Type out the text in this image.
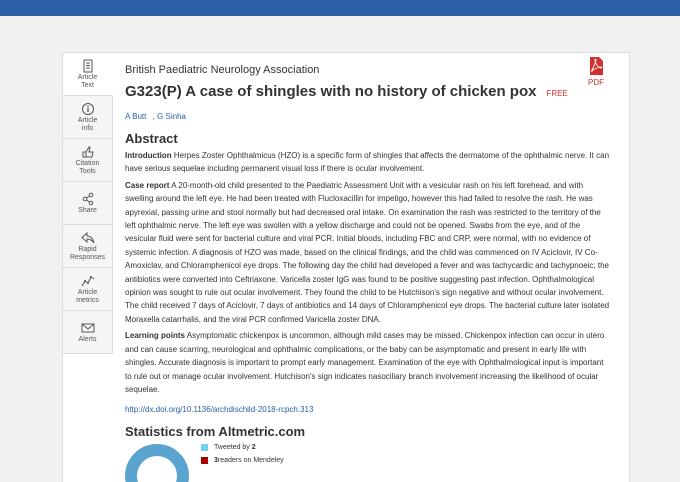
Article
Text
Article
info
Citation
Tools
Share
Rapid
Responses
Article
metrics
Alerts
British Paediatric Neurology Association
G323(P) A case of shingles with no history of chicken pox FREE
A Butt , G Sinha
Abstract

Introduction Herpes Zoster Ophthalmicus (HZO) is a specific form of shingles that affects the dermatome of the ophthalmic nerve. It can have serious sequelae including permanent visual loss if there is ocular involvement.

Case report A 20-month-old child presented to the Paediatric Assessment Unit with a vesicular rash on his left forehead, and with swelling around the left eye. He had been treated with Flucloxacillin for impetigo, however this had failed to resolve the rash. He was apyrexial, passing urine and stool normally but had decreased oral intake. On examination the rash was restricted to the territory of the left ophthalmic nerve. The left eye was swollen with a yellow discharge and could not be opened. Swabs from the eye, and of the vesicular fluid were sent for bacterial culture and viral PCR. Initial bloods, including FBC and CRP, were normal, with no evidence of systemic infection. A diagnosis of HZO was made, based on the clinical findings, and the child was commenced on IV Aciclovir, IV Co-Amoxiclav, and Chloramphenicol eye drops. The following day the child had developed a fever and was tachycardic and tachypnoeic; the antibiotics were converted into Ceftriaxone. Varicella zoster IgG was found to be positive suggesting past infection. Ophthalmological opinion was sought to rule out ocular involvement. They found the child to be Hutchison's sign negative and without ocular involvement. The child received 7 days of Aciclovir, 7 days of antibiotics and 14 days of Chloramphenicol eye drops. The bacterial culture later isolated Moraxella catarrhalis, and the viral PCR confirmed Varicella zoster DNA.

Learning points Asymptomatic chickenpox is uncommon, although mild cases may be missed. Chickenpox infection can occur in utero and can cause scarring, neurological and ophthalmic complications, or the baby can be asymptomatic and present in early life with shingles. Accurate diagnosis is important to prompt early management. Examination of the eye with Ophthalmological input is important to rule out or manage ocular involvement. Hutchison's sign indicates nasociliary branch involvement increasing the likelihood of ocular sequelae.

http://dx.doi.org/10.1136/archdischild-2018-rcpch.313
Statistics from Altmetric.com
Tweeted by
2
3 readers on Mendeley
PDF
